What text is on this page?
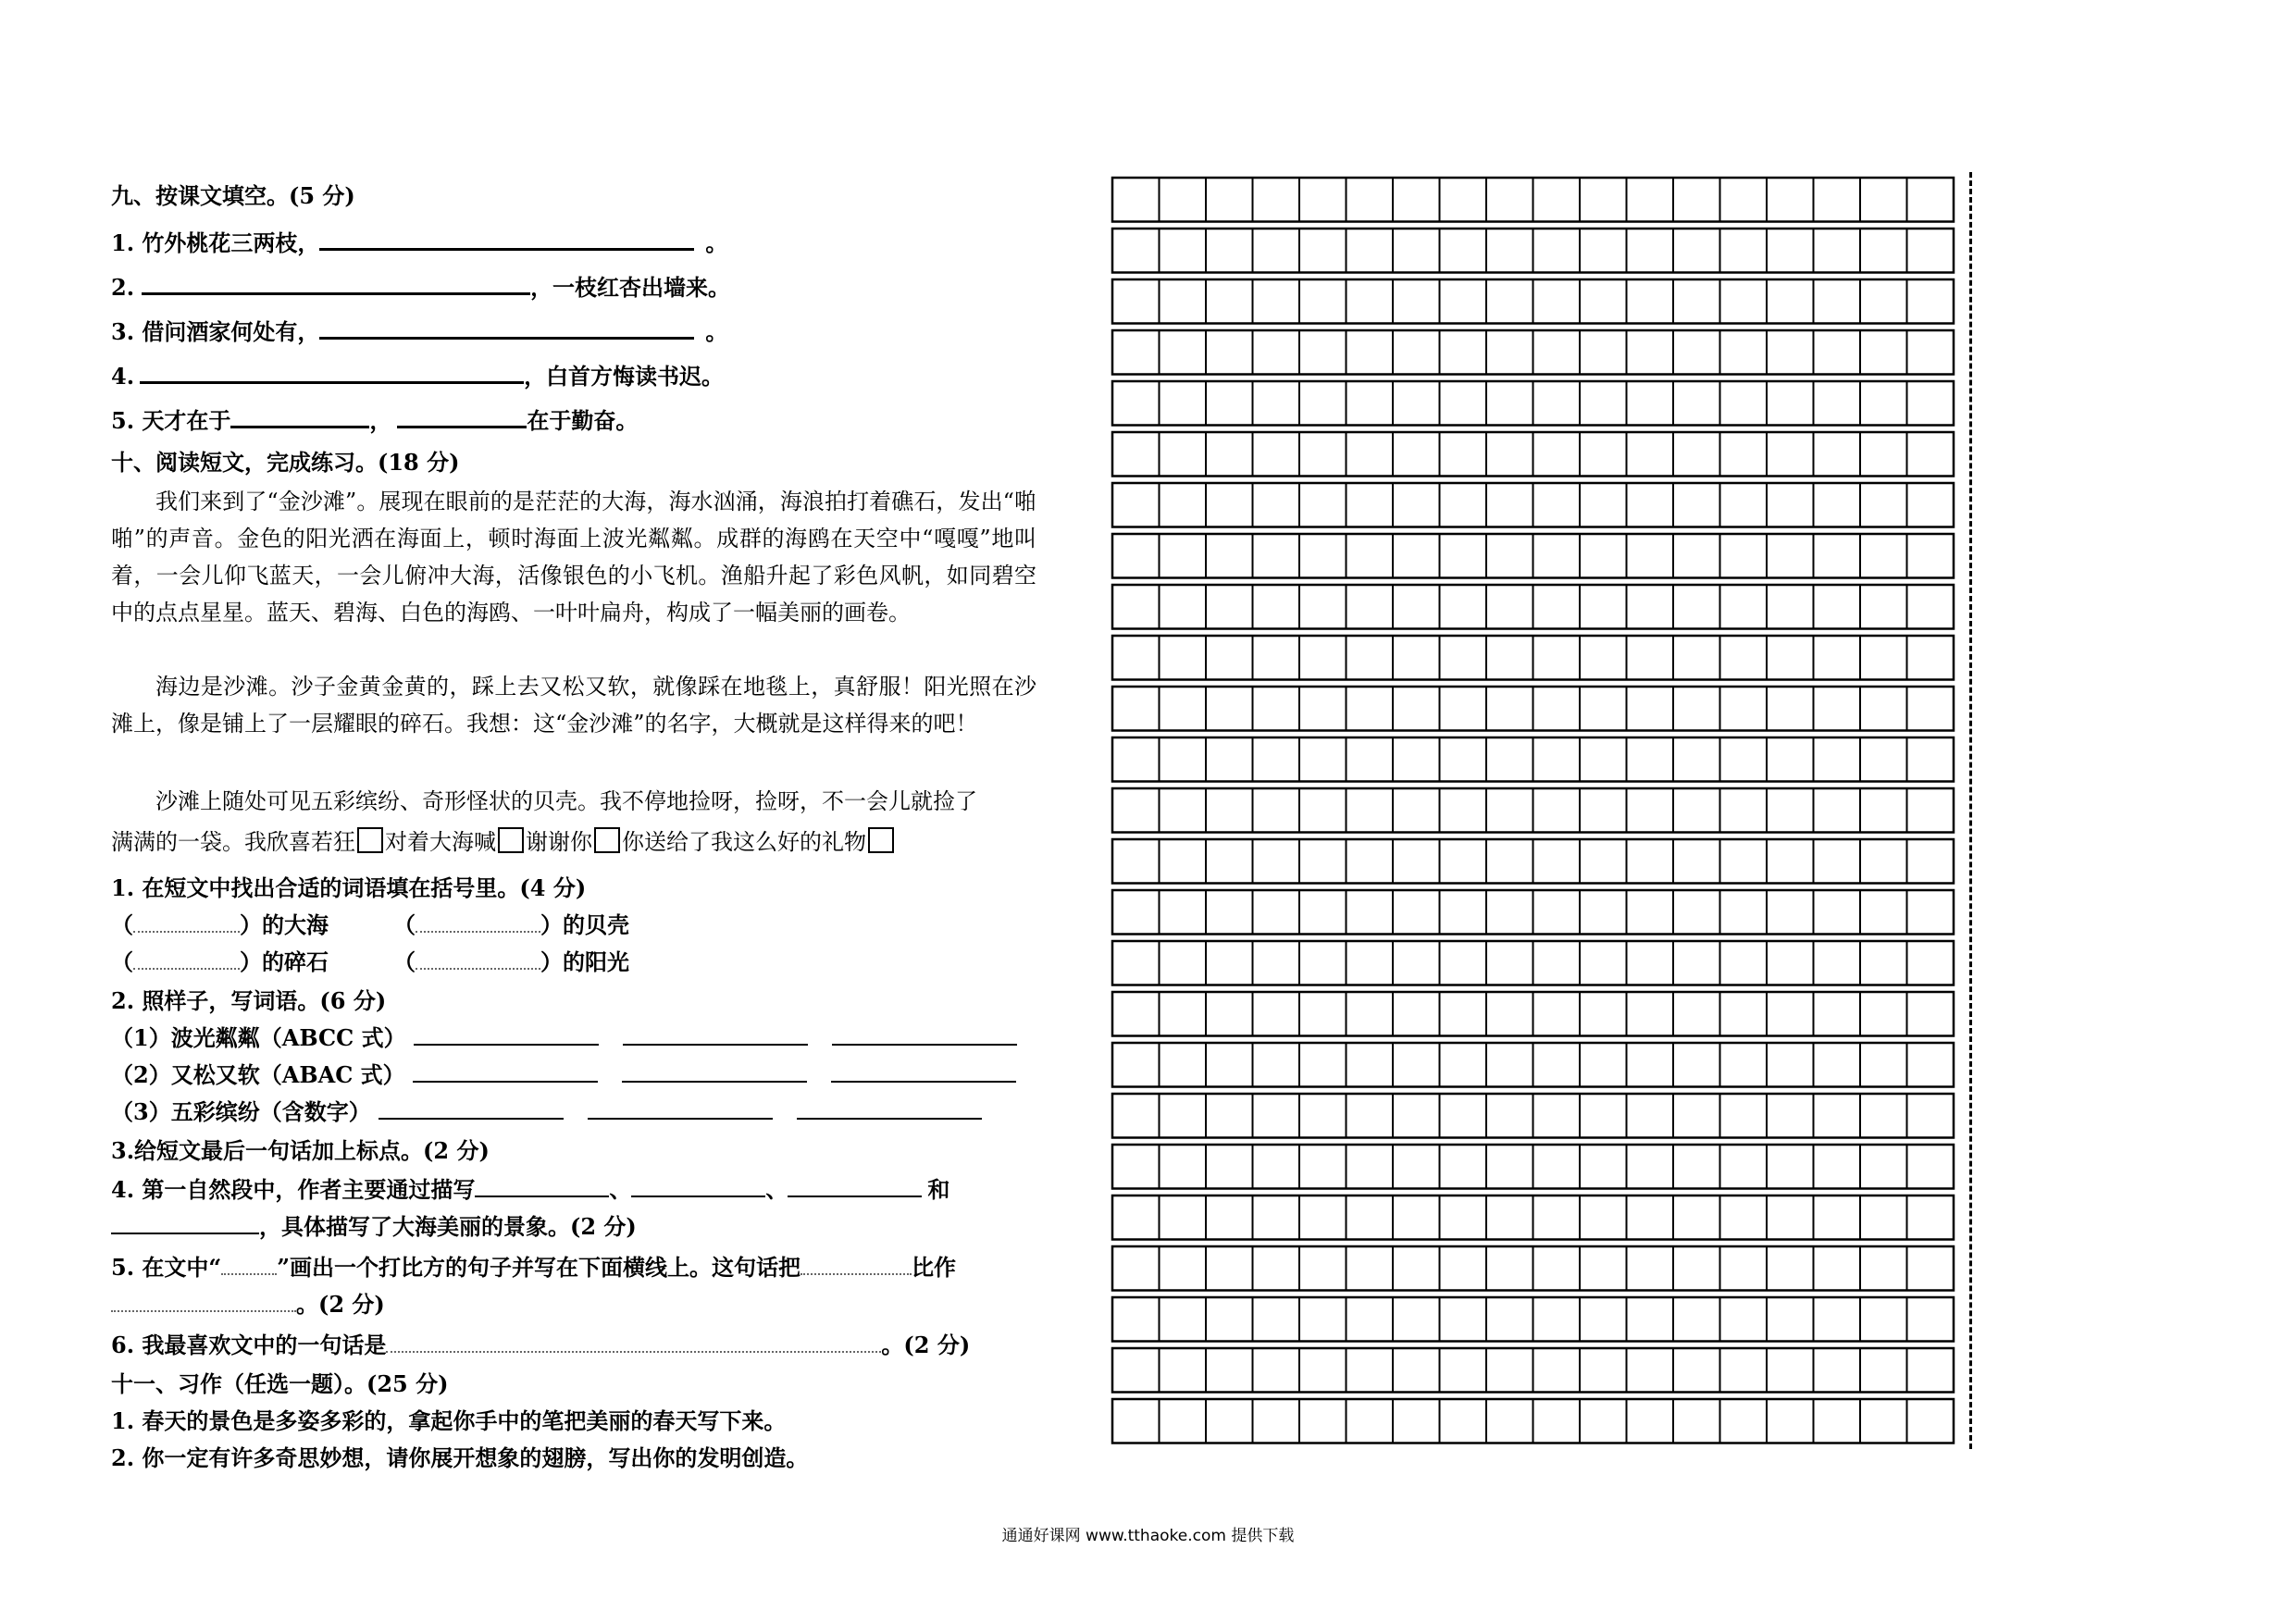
九、按课文填空。(5 分)
1. 竹外桃花三两枝，	。
2.	，一枝红杏出墙来。
3. 借问酒家何处有，	。
4.	，白首方悔读书迟。
5. 天才在于	，	在于勤奋。
十、阅读短文，完成练习。(18 分)
我们来到了“金沙滩”。展现在眼前的是茫茫的大海，海水汹涌，海浪拍打着礁石，发出“啪啪”的声音。金色的阳光洒在海面上，顿时海面上波光粼粼。成群的海鸥在天空中“嘎嘎”地叫着，一会儿仰飞蓝天，一会儿俯冲大海，活像银色的小飞机。渔船升起了彩色风帆，如同碧空中的点点星星。蓝天、碧海、白色的海鸥、一叶叶扁舟，构成了一幅美丽的画卷。
海边是沙滩。沙子金黄金黄的，踩上去又松又软，就像踩在地毯上，真舒服！阳光照在沙滩上，像是铺上了一层耀眼的碎石。我想：这“金沙滩”的名字，大概就是这样得来的吧！
沙滩上随处可见五彩缤纷、奇形怪状的贝壳。我不停地捡呀，捡呀，不一会儿就捡了
满满的一袋。我欣喜若狂 对着大海喊 谢谢你 你送给了我这么好的礼物
1. 在短文中找出合适的词语填在括号里。(4 分)
（	）的大海	（	）的贝壳
（	）的碎石	（	）的阳光
2. 照样子，写词语。(6 分)
（1）波光粼粼（ABCC 式）
（2）又松又软（ABAC 式）
（3）五彩缤纷（含数字）
3.给短文最后一句话加上标点。(2 分)
4. 第一自然段中，作者主要通过描写	、	、	和
，具体描写了大海美丽的景象。(2 分)
5. 在文中“	”画出一个打比方的句子并写在下面横线上。这句话把	比作
。(2 分)
6. 我最喜欢文中的一句话是	。(2 分)
十一、习作（任选一题）。(25 分)
1. 春天的景色是多姿多彩的，拿起你手中的笔把美丽的春天写下来。
2. 你一定有许多奇思妙想，请你展开想象的翅膀，写出你的发明创造。
通通好课网 www.tthaoke.com 提供下载
